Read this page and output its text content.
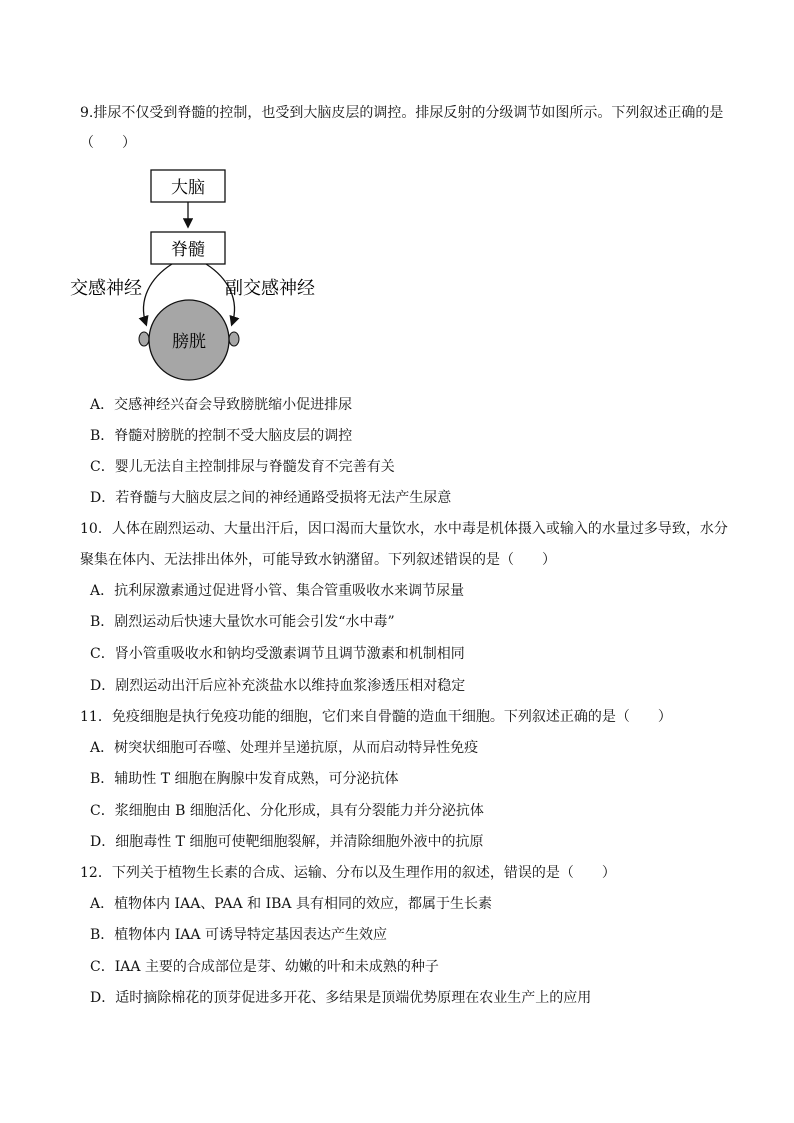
9.排尿不仅受到脊髓的控制，也受到大脑皮层的调控。排尿反射的分级调节如图所示。下列叙述正确的是
（　　）
大脑
脊髓
交感神经	副交感神经
膀胱
A．交感神经兴奋会导致膀胱缩小促进排尿
B．脊髓对膀胱的控制不受大脑皮层的调控
C．婴儿无法自主控制排尿与脊髓发育不完善有关
D．若脊髓与大脑皮层之间的神经通路受损将无法产生尿意
10．人体在剧烈运动、大量出汗后，因口渴而大量饮水，水中毒是机体摄入或输入的水量过多导致，水分
聚集在体内、无法排出体外，可能导致水钠潴留。下列叙述错误的是（　　）
A．抗利尿激素通过促进肾小管、集合管重吸收水来调节尿量
B．剧烈运动后快速大量饮水可能会引发“水中毒”
C．肾小管重吸收水和钠均受激素调节且调节激素和机制相同
D．剧烈运动出汗后应补充淡盐水以维持血浆渗透压相对稳定
11．免疫细胞是执行免疫功能的细胞，它们来自骨髓的造血干细胞。下列叙述正确的是（　　）
A．树突状细胞可吞噬、处理并呈递抗原，从而启动特异性免疫
B．辅助性 T 细胞在胸腺中发育成熟，可分泌抗体
C．浆细胞由 B 细胞活化、分化形成，具有分裂能力并分泌抗体
D．细胞毒性 T 细胞可使靶细胞裂解，并清除细胞外液中的抗原
12．下列关于植物生长素的合成、运输、分布以及生理作用的叙述，错误的是（　　）
A．植物体内 IAA、PAA 和 IBA 具有相同的效应，都属于生长素
B．植物体内 IAA 可诱导特定基因表达产生效应
C．IAA 主要的合成部位是芽、幼嫩的叶和未成熟的种子
D．适时摘除棉花的顶芽促进多开花、多结果是顶端优势原理在农业生产上的应用
